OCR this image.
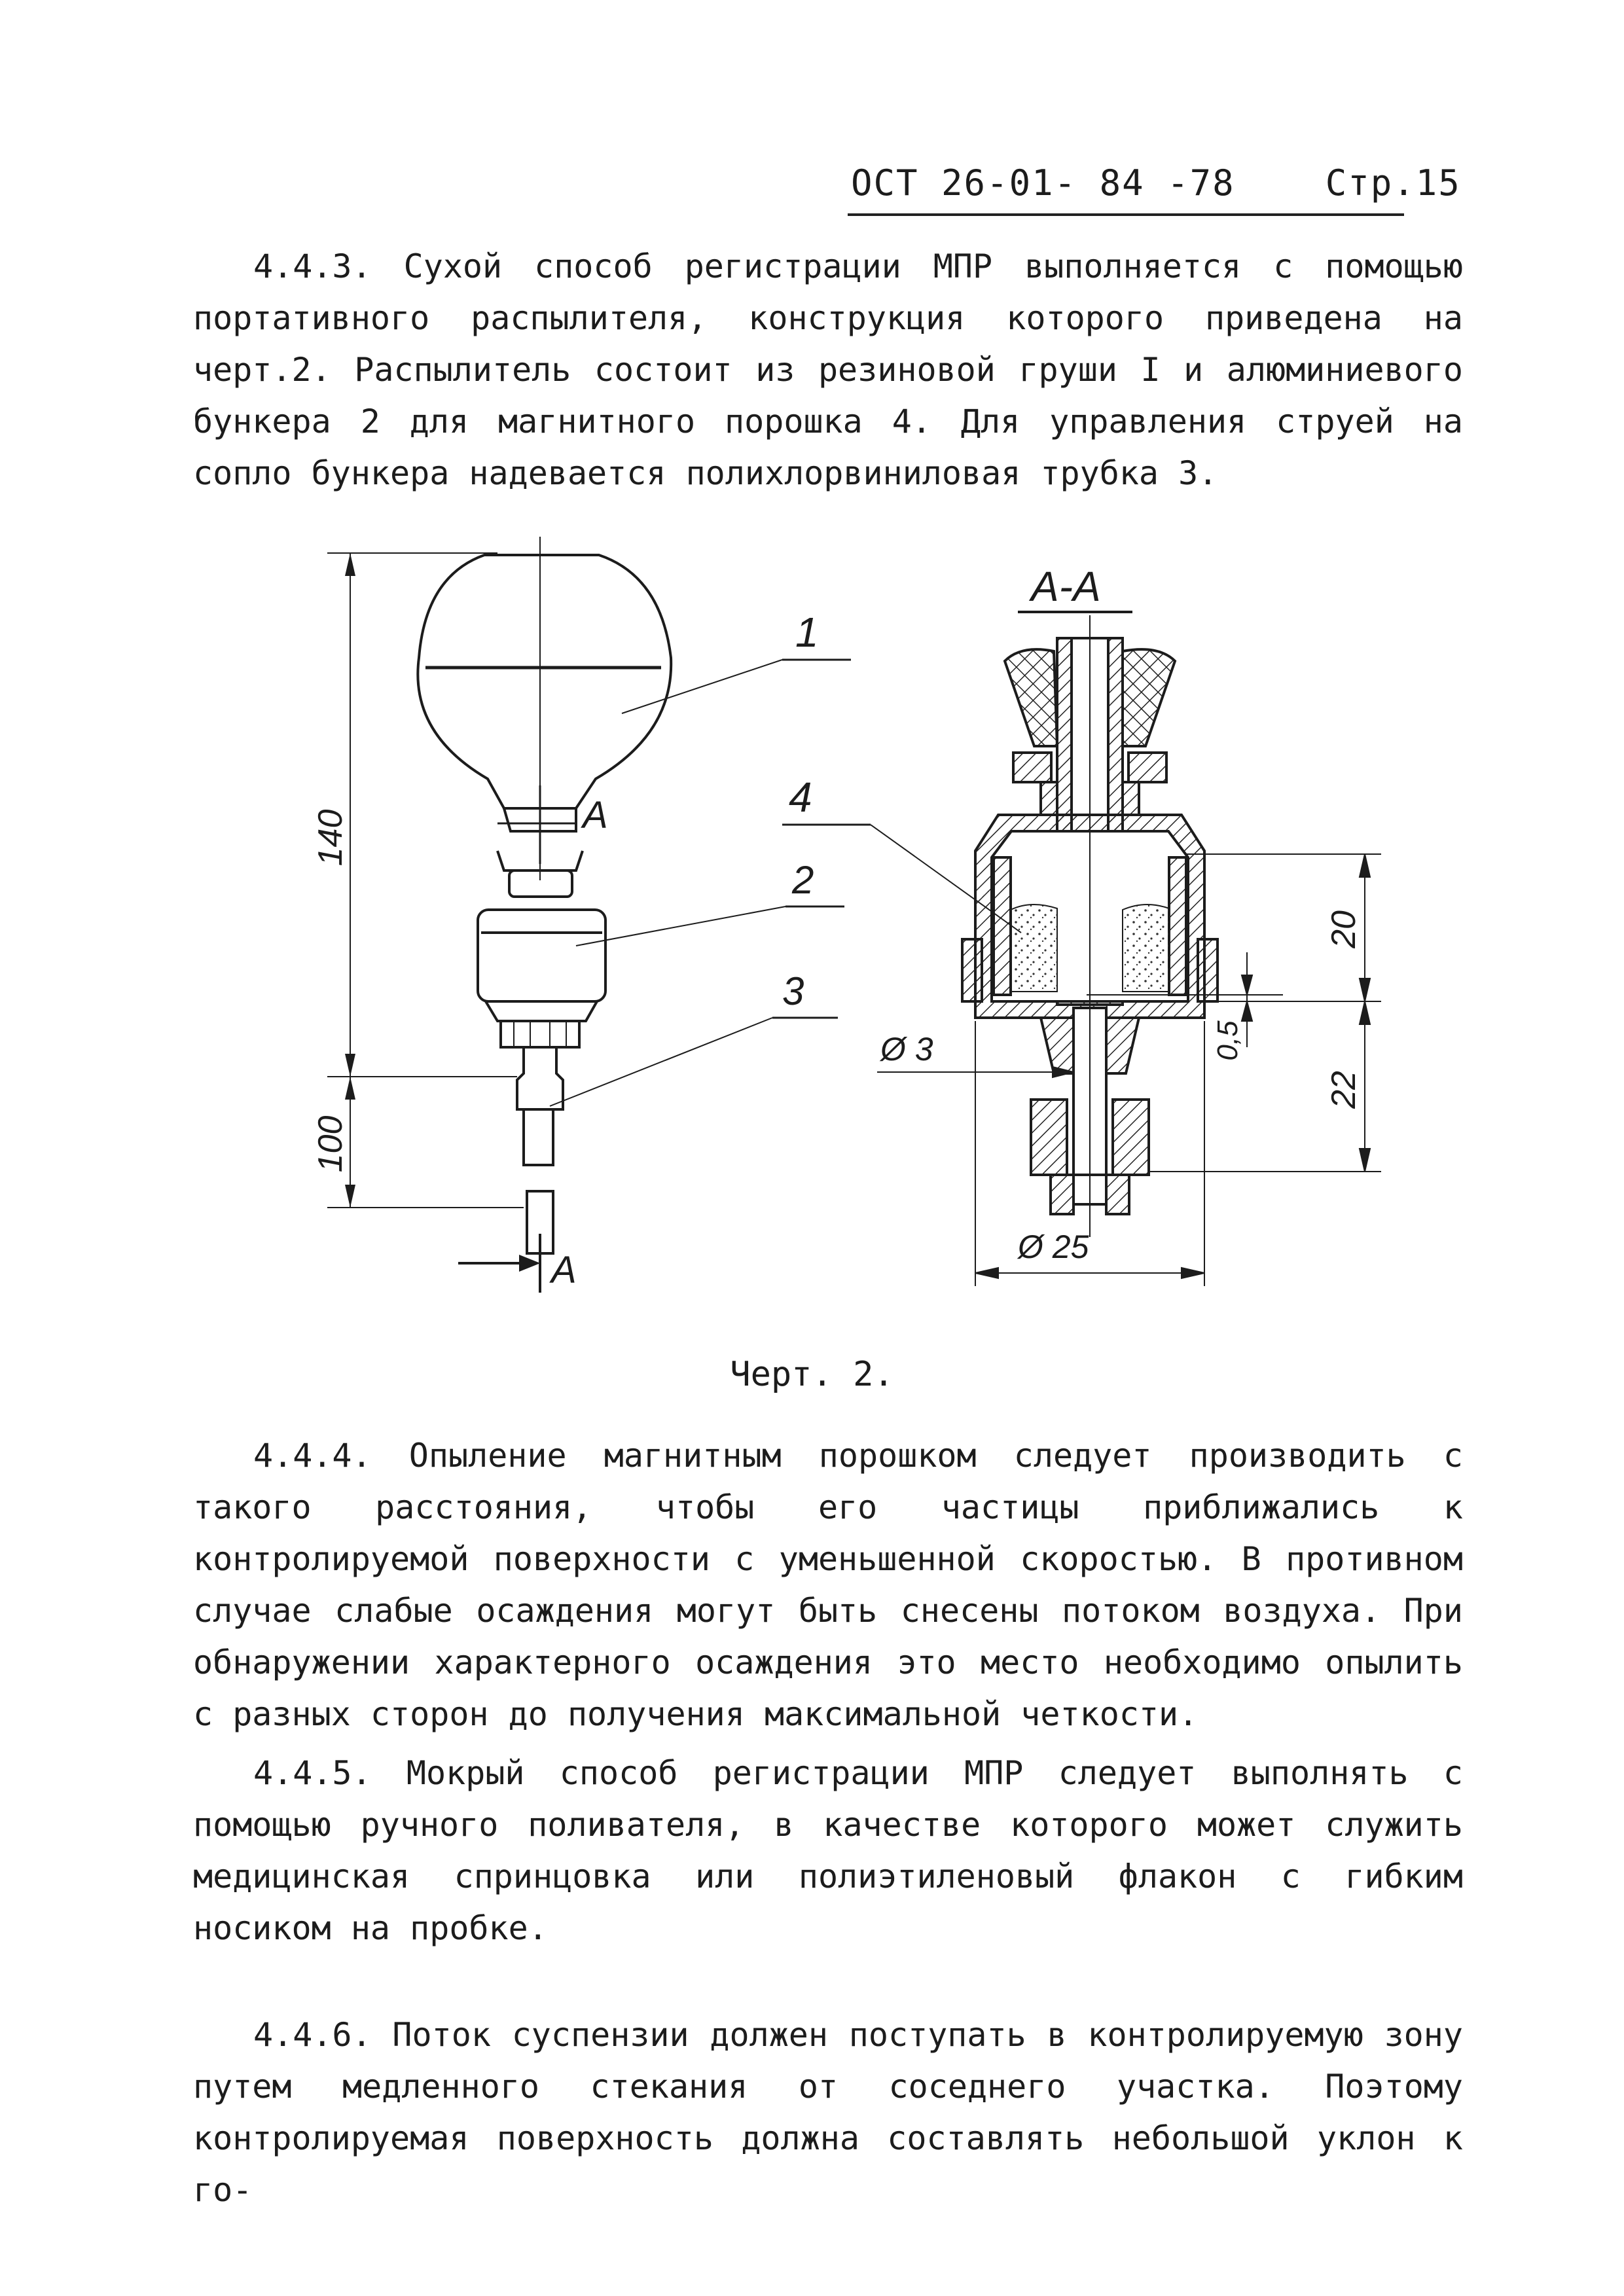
ОСТ 26-01- 84 -78	Стр.15

4.4.3. Сухой способ регистрации МПР выполняется с помощью портативного распылителя, конструкция которого приведена на черт.2. Распылитель состоит из резиновой груши I и алюминиевого бункера 2 для магнитного порошка 4. Для управления струей на сопло бункера надевается полихлорвиниловая трубка 3.

1
2
3
А
А
140
100
А-А
4
Ø 3
Ø 25
20
22
0,5
Черт. 2.

4.4.4. Опыление магнитным порошком следует производить с такого расстояния, чтобы его частицы приближались к контролируемой поверхности с уменьшенной скоростью. В противном случае слабые осаждения могут быть снесены потоком воздуха. При обнаружении характерного осаждения это место необходимо опылить с разных сторон до получения максимальной четкости.

4.4.5. Мокрый способ регистрации МПР следует выполнять с помощью ручного поливателя, в качестве которого может служить медицинская спринцовка или полиэтиленовый флакон с гибким носиком на пробке.

4.4.6. Поток суспензии должен поступать в контролируемую зону путем медленного стекания от соседнего участка. Поэтому контролируемая поверхность должна составлять небольшой уклон к го-
